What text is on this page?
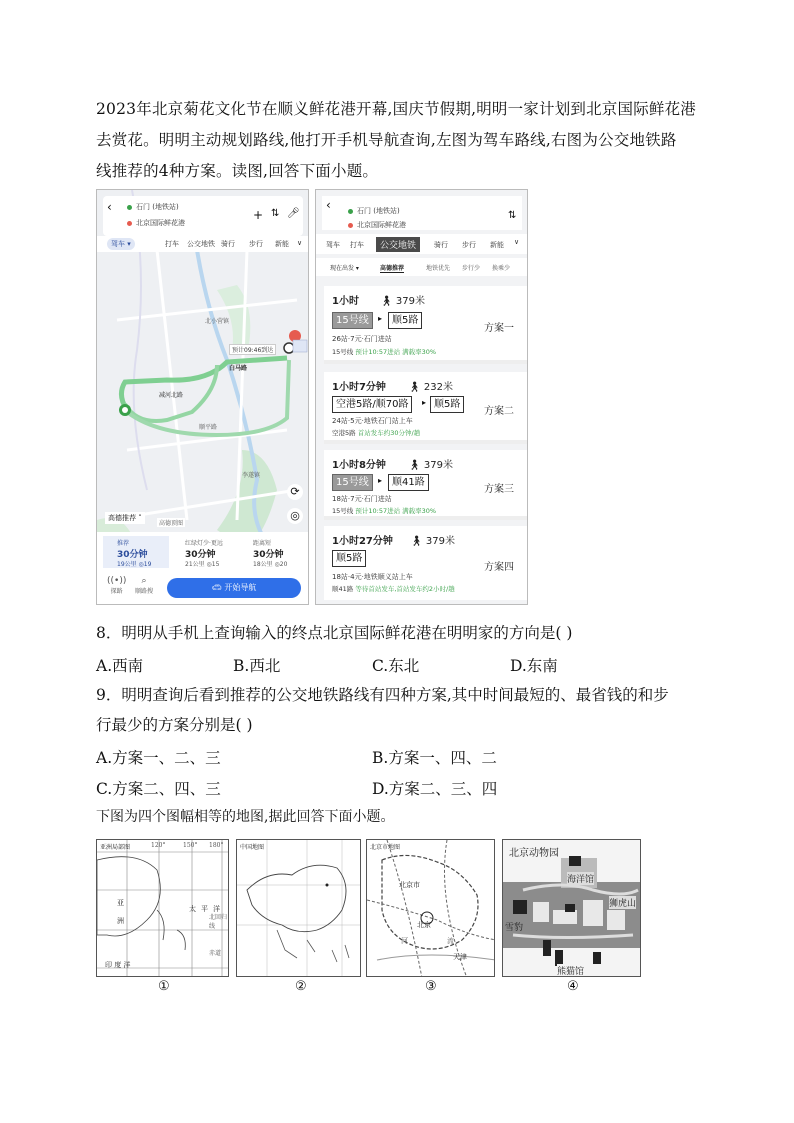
2023年北京菊花文化节在顺义鲜花港开幕,国庆节假期,明明一家计划到北京国际鲜花港
去赏花。明明主动规划路线,他打开手机导航查询,左图为驾车路线,右图为公交地铁路
线推荐的4种方案。读图,回答下面小题。
‹	石门 (地铁站)
北京国际鲜花港
+ ⇅ 🎤︎
驾车 ▾	打车 公交地铁 骑行 步行 新能 ∨
北小营镇
白马路
顺平路
李遂镇
减河北路
预计09:46到达
⟳
◎
高德推荐 ˄
高德顶图
推荐
30分钟
19公里 ◎19
红绿灯少·更远
30分钟
21公里 ◎15
距离短
30分钟
18公里 ◎20
((•))
探路
⌕
顺路搜	🚗︎ 开始导航
‹	石门 (地铁站)
北京国际鲜花港
⇅
驾车 打车	公交地铁	骑行 步行 新能 ∨
现在出发 ▾	高德推荐	地铁优先 步行少 换乘少
1小时 🚶︎ 379米
15号线	▸ 顺5路
方案一
26站·7元·石门进站
15号线 预计10:57进站 满载率30%
1小时7分钟 🚶︎ 232米
空港5路/顺70路	▸ 顺5路
方案二
24站·5元·地铁石门站上车
空港5路 首站发车约30分钟/趟
1小时8分钟 🚶︎ 379米
15号线	▸ 顺41路
方案三
18站·7元·石门进站
15号线 预计10:57进站 满载率30%
1小时27分钟 🚶︎ 379米
顺5路
方案四
18站·4元·地铁顺义站上车
顺41路 等待首站发车,首站发车约2小时/趟
8．明明从手机上查询输入的终点北京国际鲜花港在明明家的方向是( )
A.西南	B.西北	C.东北	D.东南
9．明明查询后看到推荐的公交地铁路线有四种方案,其中时间最短的、最省钱的和步
行最少的方案分别是( )
A.方案一、二、三	B.方案一、四、二
C.方案二、四、三	D.方案二、三、四
下图为四个图幅相等的地图,据此回答下面小题。
亚洲局部图	120°	150° 180°
太 平 洋
亚
洲
印 度 洋
赤道
北回归线
①
中国地图
②
北京市地图
北京市
北京
天津
河	流
③
北京动物园
海洋馆
狮虎山
雪豹
熊猫馆
④
